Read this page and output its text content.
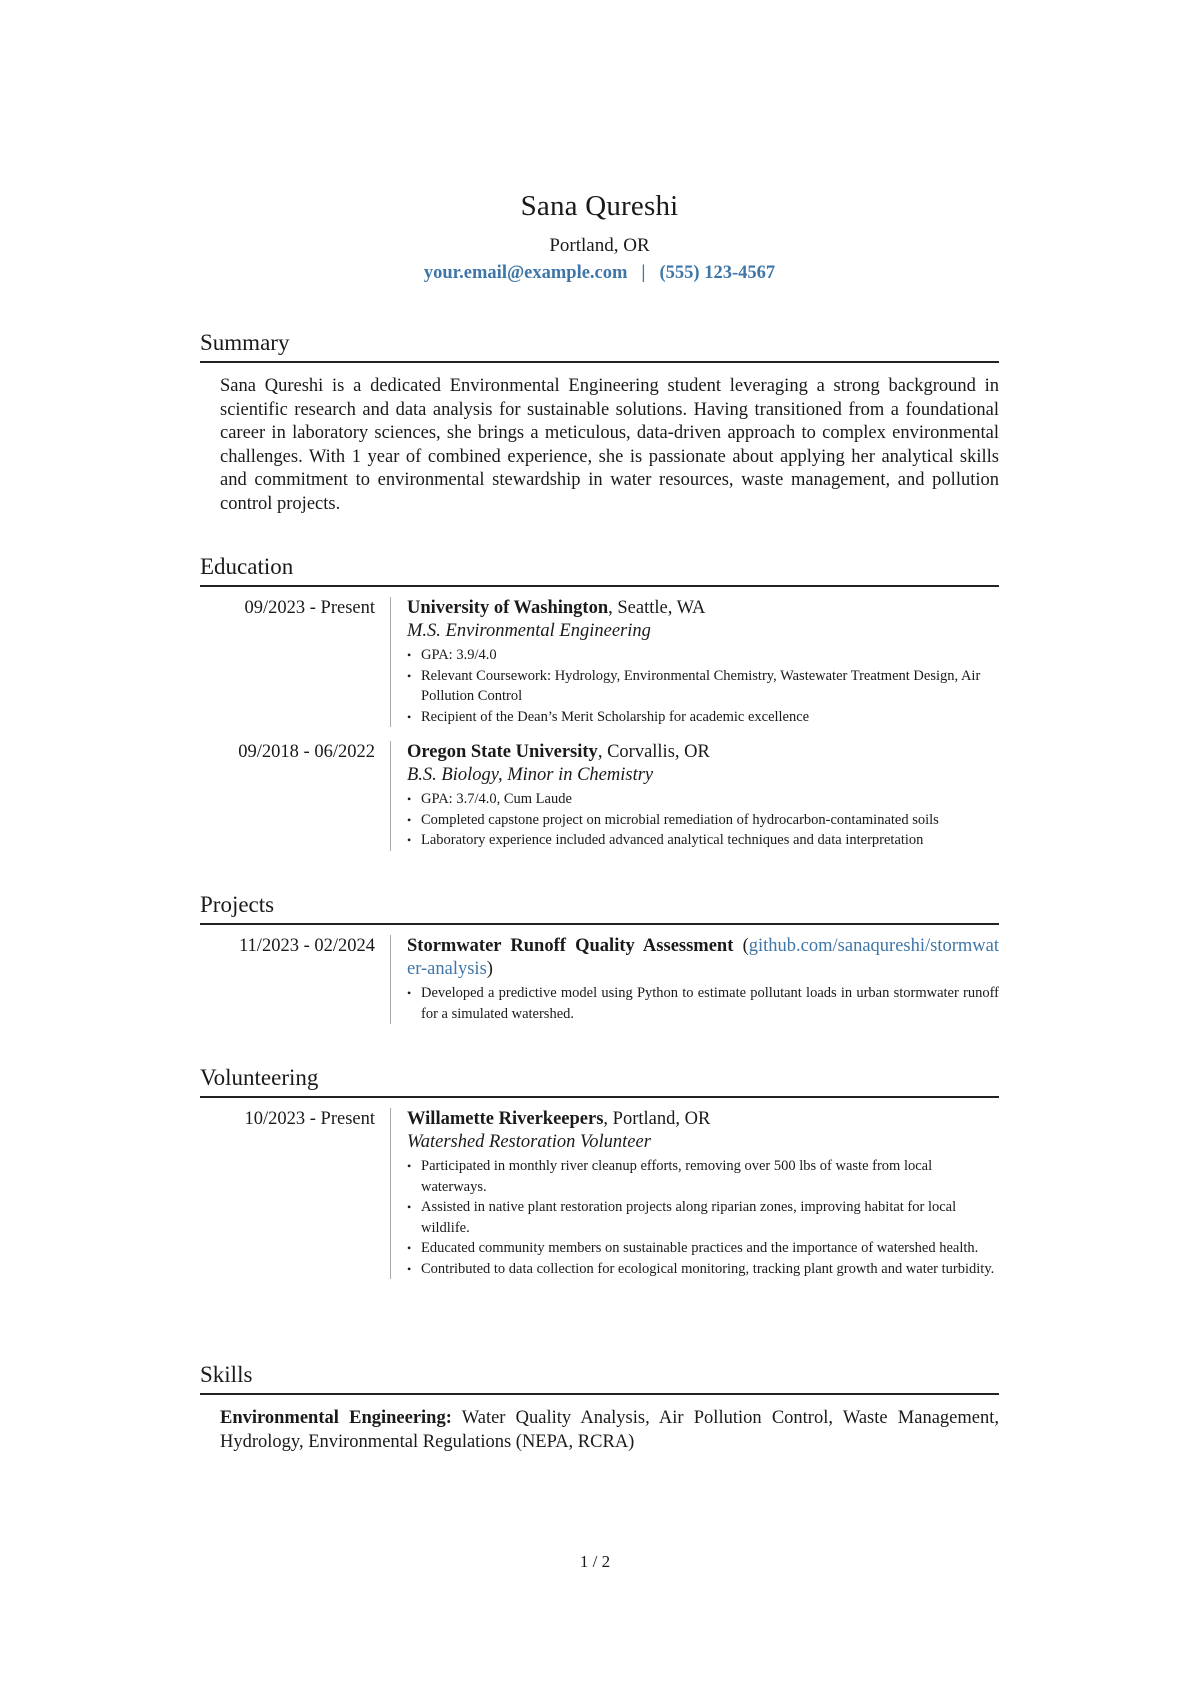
Sana Qureshi
Portland, OR
your.email@example.com | (555) 123-4567
Summary
Sana Qureshi is a dedicated Environmental Engineering student leveraging a strong background in scientific research and data analysis for sustainable solutions. Having transitioned from a foundational career in laboratory sciences, she brings a meticulous, data-driven approach to complex environmental challenges. With 1 year of combined experience, she is passionate about applying her analytical skills and commitment to environmental stewardship in water resources, waste management, and pollution control projects.
Education
09/2023 - Present University of Washington, Seattle, WA
M.S. Environmental Engineering
• GPA: 3.9/4.0
• Relevant Coursework: Hydrology, Environmental Chemistry, Wastewater Treatment Design, Air Pollution Control
• Recipient of the Dean’s Merit Scholarship for academic excellence
09/2018 - 06/2022 Oregon State University, Corvallis, OR
B.S. Biology, Minor in Chemistry
• GPA: 3.7/4.0, Cum Laude
• Completed capstone project on microbial remediation of hydrocarbon-contaminated soils
• Laboratory experience included advanced analytical techniques and data interpretation
Projects
11/2023 - 02/2024 Stormwater Runoff Quality Assessment (github.com/sanaqureshi/stormwater-analysis)
• Developed a predictive model using Python to estimate pollutant loads in urban stormwater runoff for a simulated watershed.
Volunteering
10/2023 - Present Willamette Riverkeepers, Portland, OR
Watershed Restoration Volunteer
• Participated in monthly river cleanup efforts, removing over 500 lbs of waste from local waterways.
• Assisted in native plant restoration projects along riparian zones, improving habitat for local wildlife.
• Educated community members on sustainable practices and the importance of watershed health.
• Contributed to data collection for ecological monitoring, tracking plant growth and water turbidity.
Skills
Environmental Engineering: Water Quality Analysis, Air Pollution Control, Waste Management, Hydrology, Environmental Regulations (NEPA, RCRA)
1 / 2
